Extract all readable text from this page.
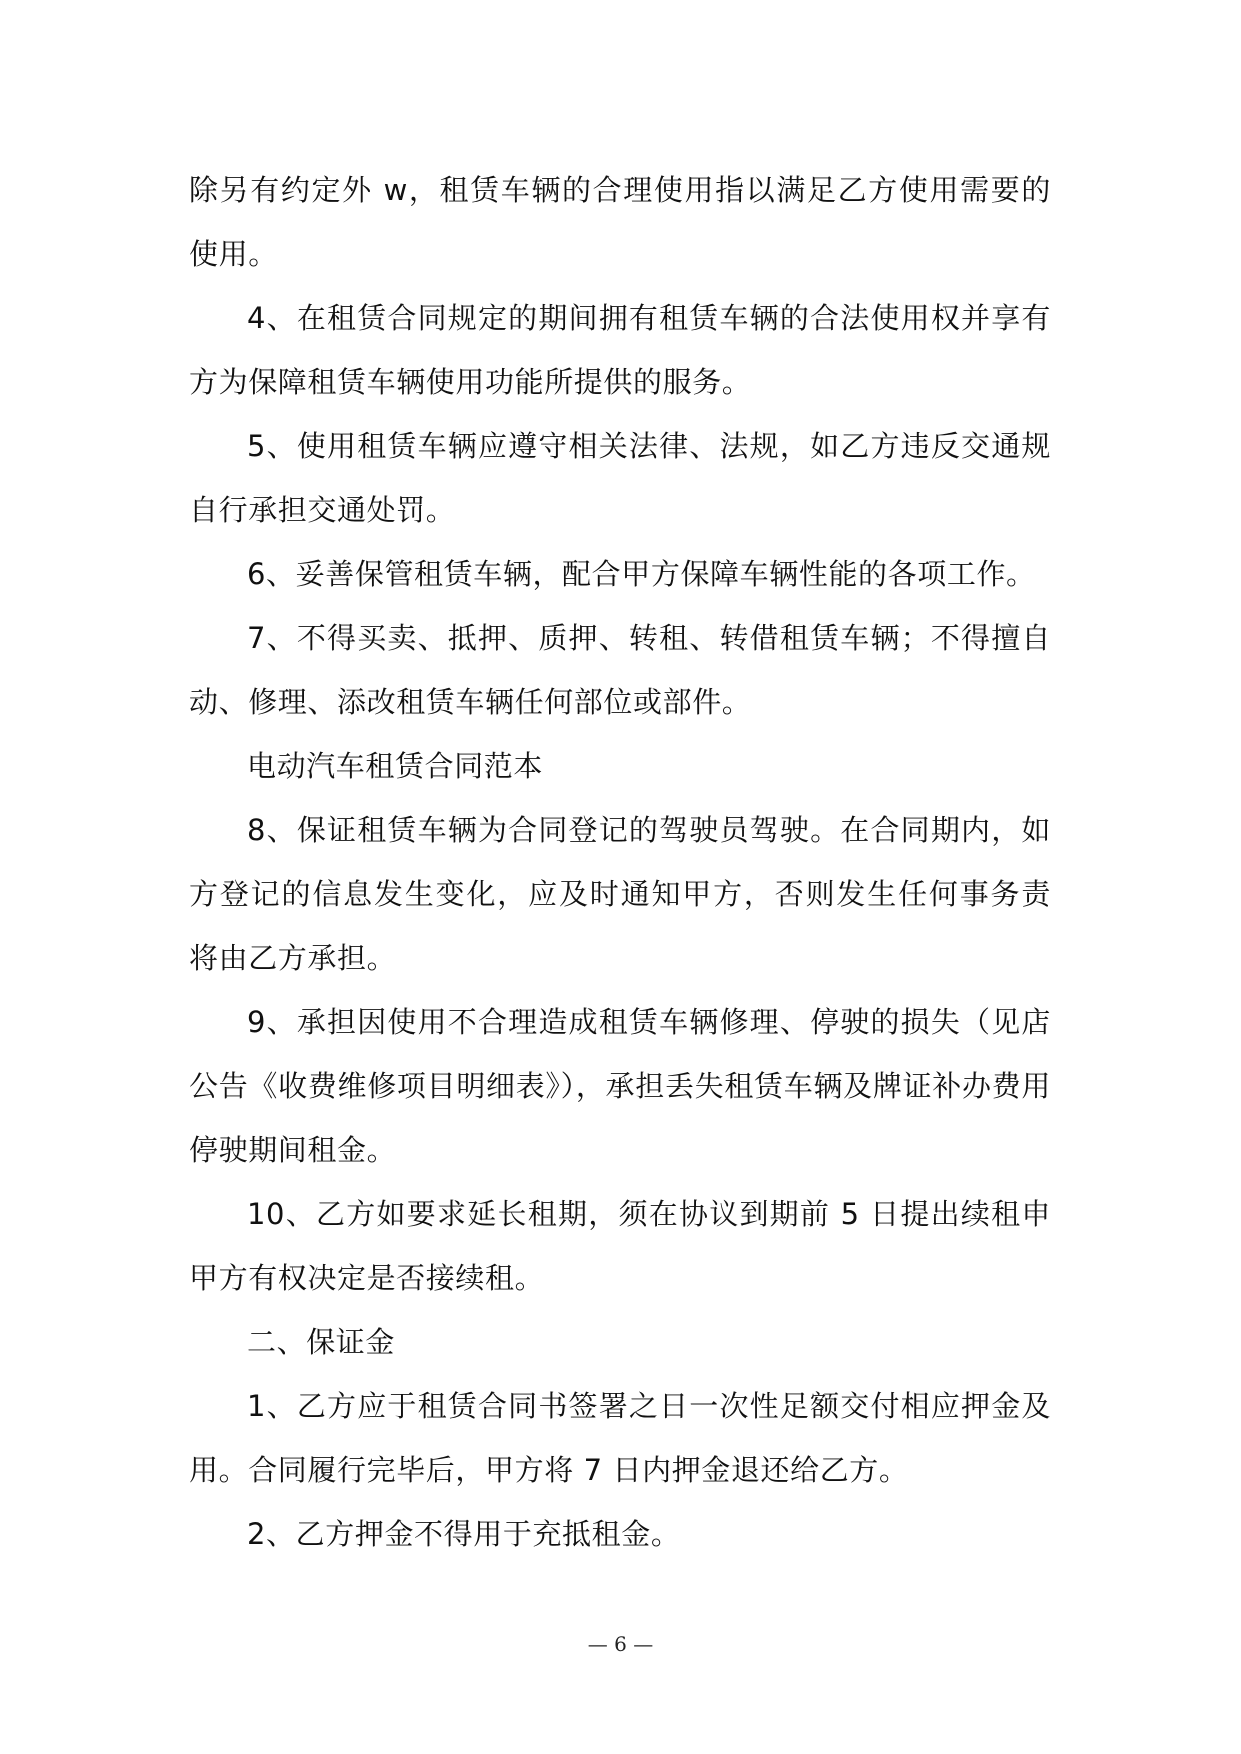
除另有约定外 w，租赁车辆的合理使用指以满足乙方使用需要的
使用。
4、在租赁合同规定的期间拥有租赁车辆的合法使用权并享有
方为保障租赁车辆使用功能所提供的服务。
5、使用租赁车辆应遵守相关法律、法规，如乙方违反交通规
自行承担交通处罚。
6、妥善保管租赁车辆，配合甲方保障车辆性能的各项工作。
7、不得买卖、抵押、质押、转租、转借租赁车辆；不得擅自
动、修理、添改租赁车辆任何部位或部件。
电动汽车租赁合同范本
8、保证租赁车辆为合同登记的驾驶员驾驶。在合同期内，如
方登记的信息发生变化，应及时通知甲方，否则发生任何事务责
将由乙方承担。
9、承担因使用不合理造成租赁车辆修理、停驶的损失（见店
公告《收费维修项目明细表》），承担丢失租赁车辆及牌证补办费用
停驶期间租金。
10、乙方如要求延长租期，须在协议到期前 5 日提出续租申
甲方有权决定是否接续租。
二、保证金
1、乙方应于租赁合同书签署之日一次性足额交付相应押金及
用。合同履行完毕后，甲方将 7 日内押金退还给乙方。
2、乙方押金不得用于充抵租金。
— 6 —
